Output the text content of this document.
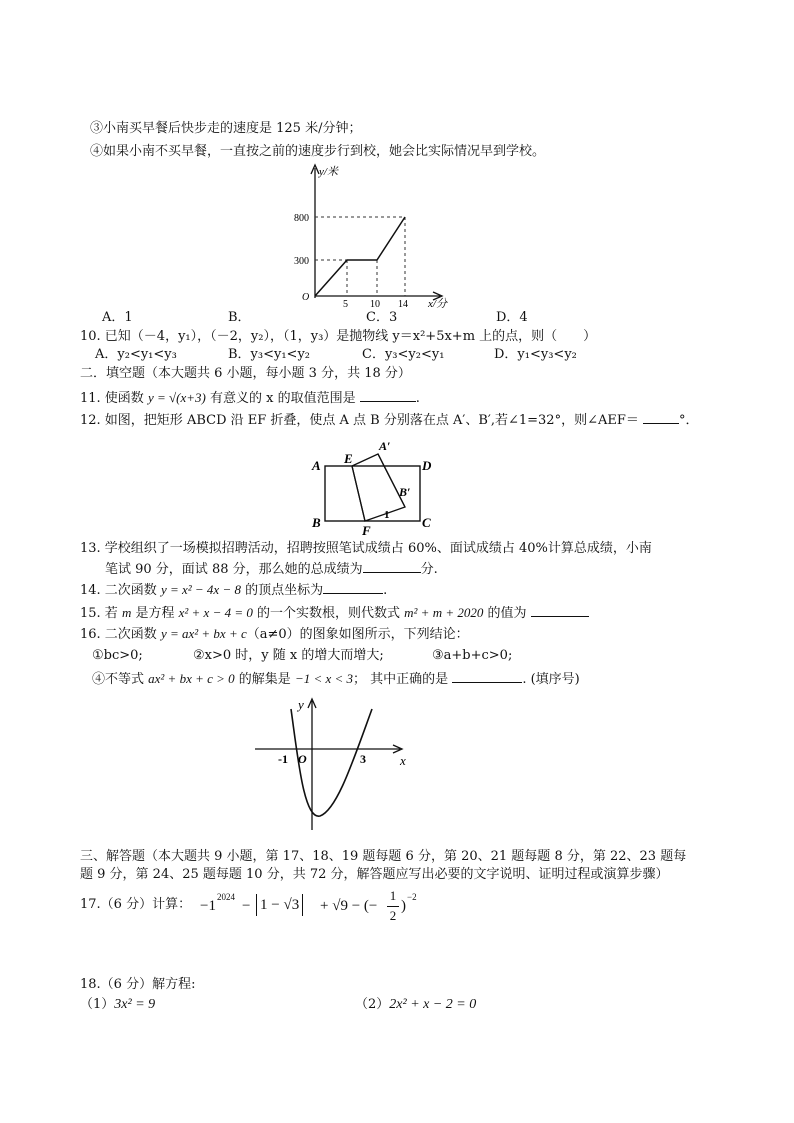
③小南买早餐后快步走的速度是 125 米/分钟；
④如果小南不买早餐，一直按之前的速度步行到校，她会比实际情况早到学校。
y/米
x/分
O
800
300
5 10 14
A．1	B．	C．3	D．4
10. 已知（－4，y₁），（－2，y₂），（1，y₃）是抛物线 y＝x²+5x+m 上的点，则（　　）
A．y₂<y₁<y₃	B．y₃<y₁<y₂	C．y₃<y₂<y₁	D．y₁<y₃<y₂
二．填空题（本大题共 6 小题，每小题 3 分，共 18 分）
11. 使函数 y = √(x+3) 有意义的 x 的取值范围是	.
12. 如图，把矩形 ABCD 沿 EF 折叠，使点 A 点 B 分别落在点 A′、B′,若∠1=32°，则∠AEF＝	°．
A E
A′
D
B′
B
F
1	C
13. 学校组织了一场模拟招聘活动，招聘按照笔试成绩占 60%、面试成绩占 40%计算总成绩，小南
笔试 90 分，面试 88 分，那么她的总成绩为	分.
14. 二次函数 y = x² − 4x − 8 的顶点坐标为	.
15. 若 m 是方程 x² + x − 4 = 0 的一个实数根，则代数式 m² + m + 2020 的值为
16. 二次函数 y = ax² + bx + c（a≠0）的图象如图所示，下列结论：
①bc>0;	②x>0 时，y 随 x 的增大而增大;	③a+b+c>0;
④不等式 ax² + bx + c > 0 的解集是 −1 < x < 3； 其中正确的是	. (填序号)
y
x
O
-1	3
三、解答题（本大题共 9 小题，第 17、18、19 题每题 6 分，第 20、21 题每题 8 分，第 22、23 题每
题 9 分，第 24、25 题每题 10 分，共 72 分，解答题应写出必要的文字说明、证明过程或演算步骤）
17.（6 分）计算： −1
2024
− 1 − √3 + √9 − (−
1
2
)
−2
18.（6 分）解方程:
（1）3x² = 9	（2）2x² + x − 2 = 0
